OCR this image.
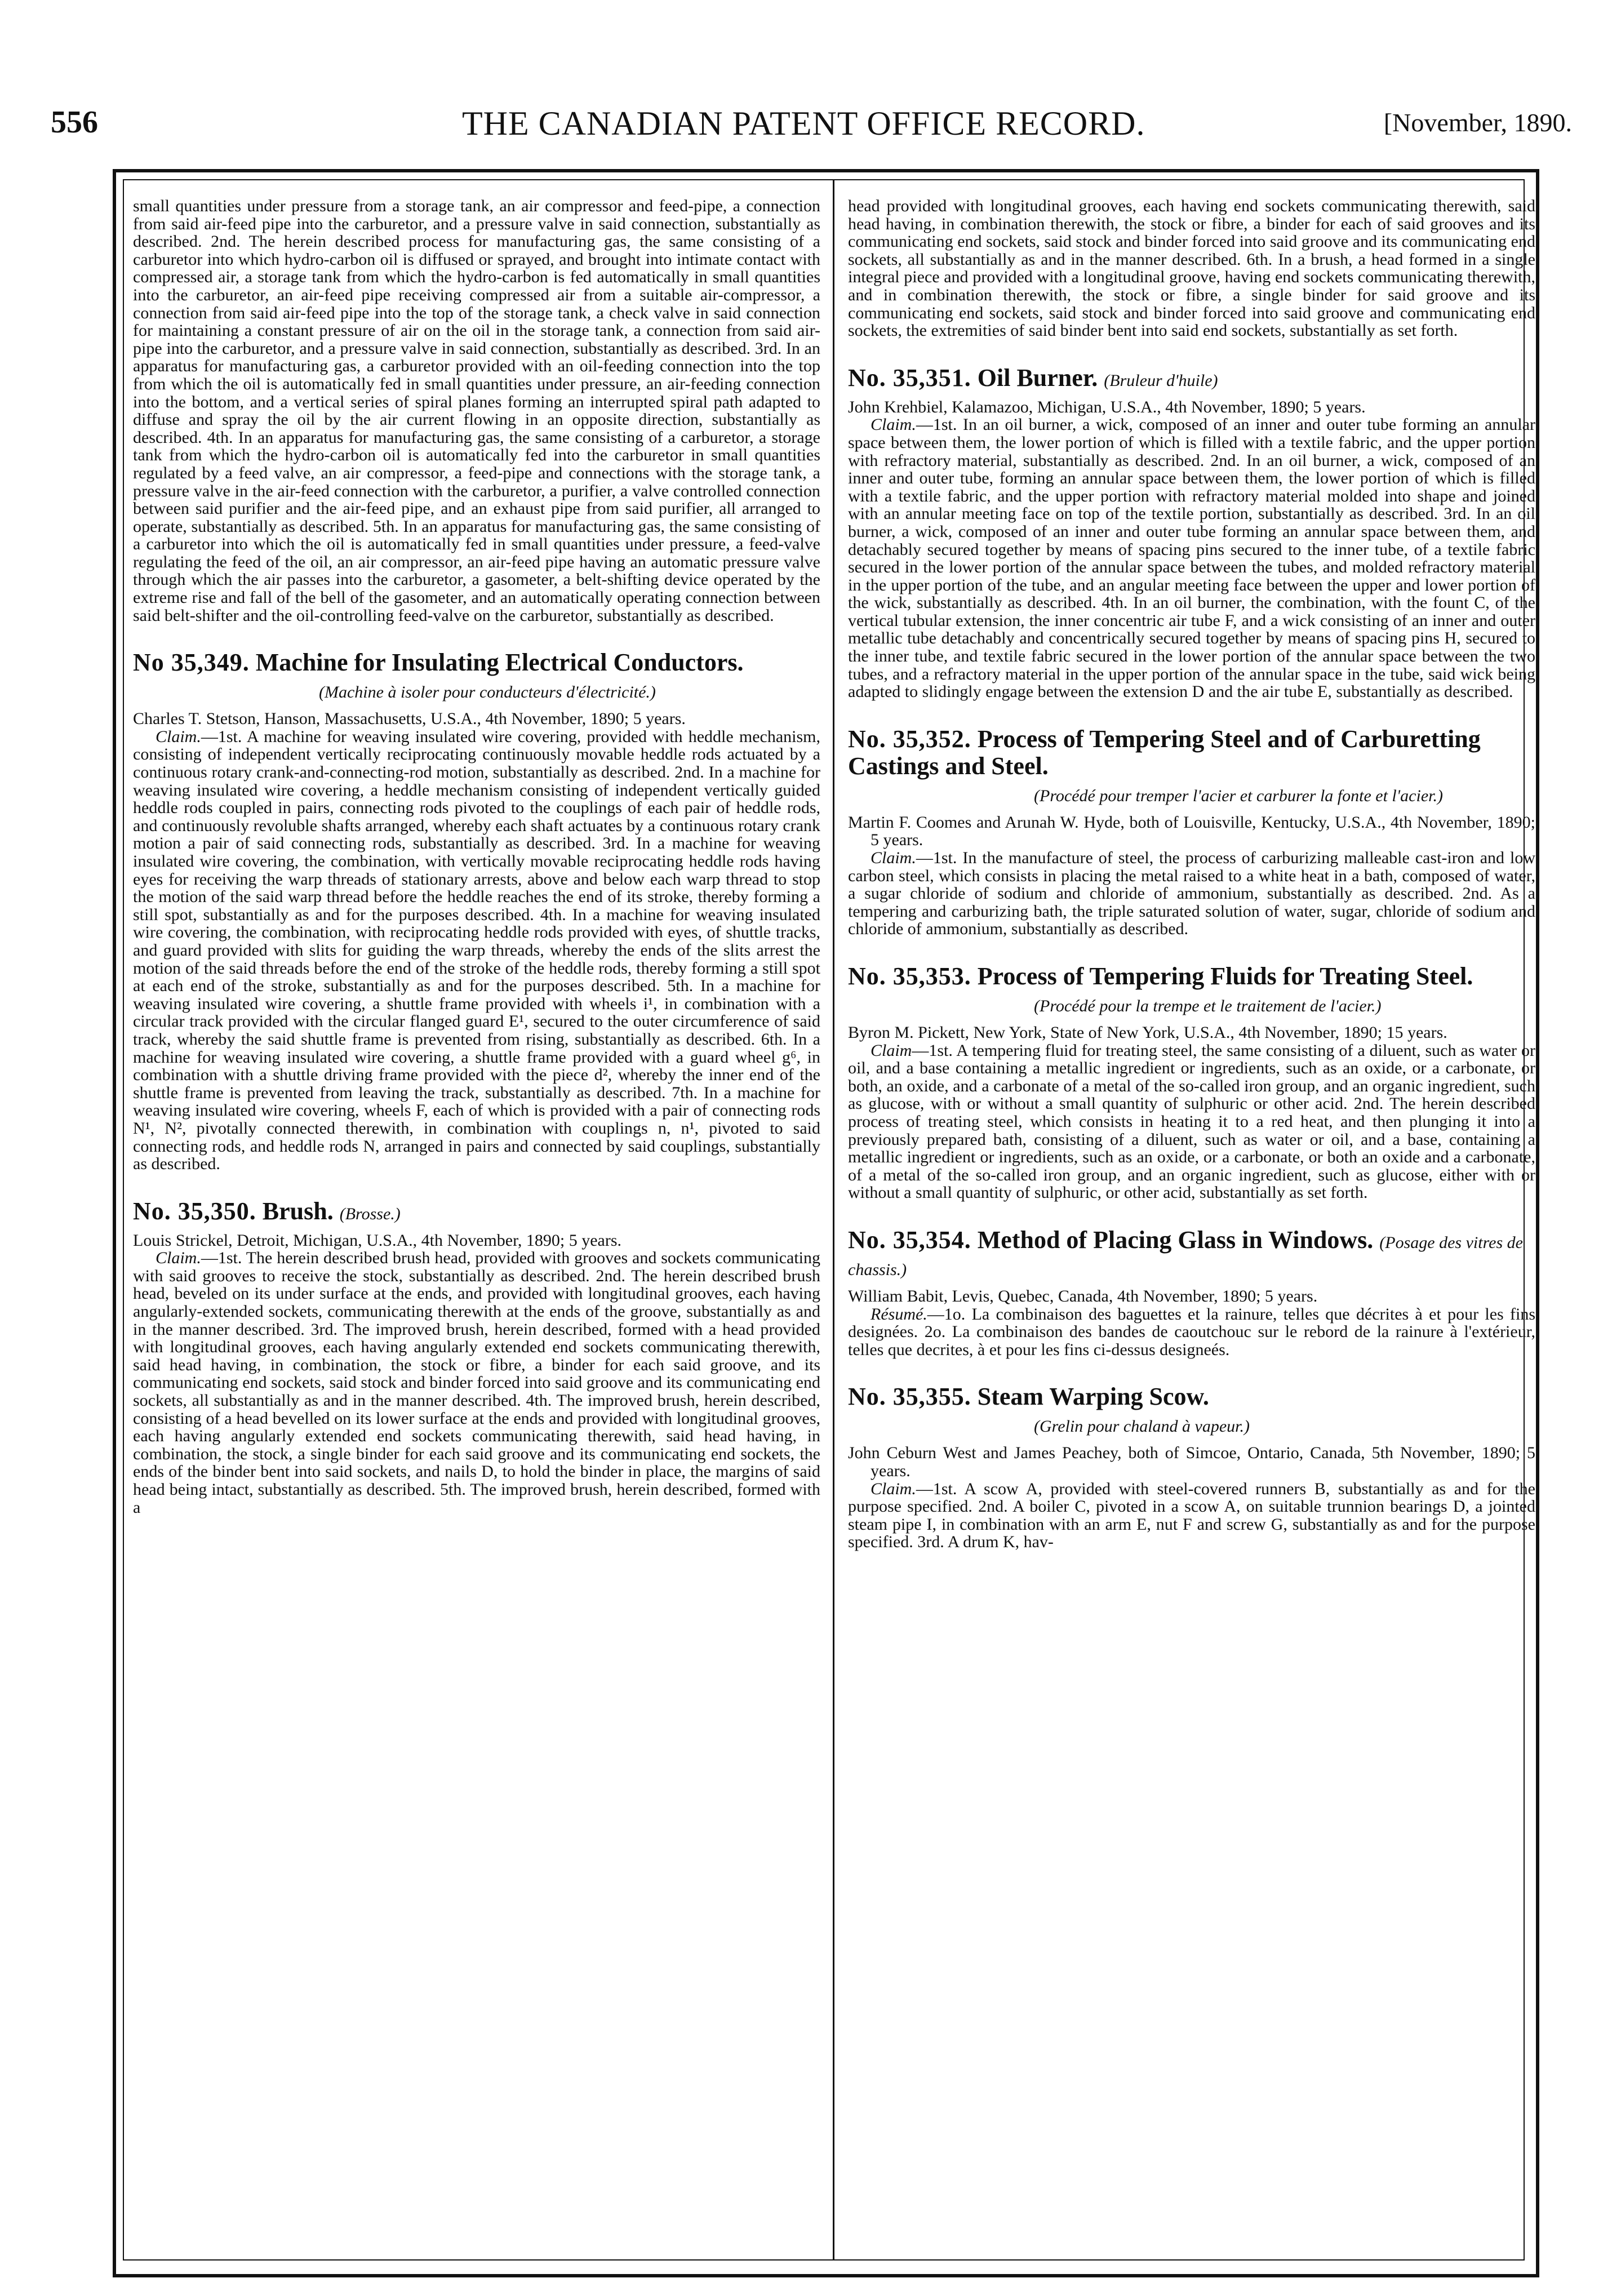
556	THE CANADIAN PATENT OFFICE RECORD.	[November, 1890.

small quantities under pressure from a storage tank, an air compressor and feed-pipe, a connection from said air-feed pipe into the carburetor, and a pressure valve in said connection, substantially as described. 2nd. The herein described process for manufacturing gas, the same consisting of a carburetor into which hydro-carbon oil is diffused or sprayed, and brought into intimate contact with compressed air, a storage tank from which the hydro-carbon is fed automatically in small quantities into the carburetor, an air-feed pipe receiving compressed air from a suitable air-compressor, a connection from said air-feed pipe into the top of the storage tank, a check valve in said connection for maintaining a constant pressure of air on the oil in the storage tank, a connection from said air-pipe into the carburetor, and a pressure valve in said connection, substantially as described. 3rd. In an apparatus for manufacturing gas, a carburetor provided with an oil-feeding connection into the top from which the oil is automatically fed in small quantities under pressure, an air-feeding connection into the bottom, and a vertical series of spiral planes forming an interrupted spiral path adapted to diffuse and spray the oil by the air current flowing in an opposite direction, substantially as described. 4th. In an apparatus for manufacturing gas, the same consisting of a carburetor, a storage tank from which the hydro-carbon oil is automatically fed into the carburetor in small quantities regulated by a feed valve, an air compressor, a feed-pipe and connections with the storage tank, a pressure valve in the air-feed connection with the carburetor, a purifier, a valve controlled connection between said purifier and the air-feed pipe, and an exhaust pipe from said purifier, all arranged to operate, substantially as described. 5th. In an apparatus for manufacturing gas, the same consisting of a carburetor into which the oil is automatically fed in small quantities under pressure, a feed-valve regulating the feed of the oil, an air compressor, an air-feed pipe having an automatic pressure valve through which the air passes into the carburetor, a gasometer, a belt-shifting device operated by the extreme rise and fall of the bell of the gasometer, and an automatically operating connection between said belt-shifter and the oil-controlling feed-valve on the carburetor, substantially as described.

No 35,349. Machine for Insulating Electrical Conductors.
(Machine à isoler pour conducteurs d'électricité.)

Charles T. Stetson, Hanson, Massachusetts, U.S.A., 4th November, 1890; 5 years.

Claim.—1st. A machine for weaving insulated wire covering, provided with heddle mechanism, consisting of independent vertically reciprocating continuously movable heddle rods actuated by a continuous rotary crank-and-connecting-rod motion, substantially as described. 2nd. In a machine for weaving insulated wire covering, a heddle mechanism consisting of independent vertically guided heddle rods coupled in pairs, connecting rods pivoted to the couplings of each pair of heddle rods, and continuously revoluble shafts arranged, whereby each shaft actuates by a continuous rotary crank motion a pair of said connecting rods, substantially as described. 3rd. In a machine for weaving insulated wire covering, the combination, with vertically movable reciprocating heddle rods having eyes for receiving the warp threads of stationary arrests, above and below each warp thread to stop the motion of the said warp thread before the heddle reaches the end of its stroke, thereby forming a still spot, substantially as and for the purposes described. 4th. In a machine for weaving insulated wire covering, the combination, with reciprocating heddle rods provided with eyes, of shuttle tracks, and guard provided with slits for guiding the warp threads, whereby the ends of the slits arrest the motion of the said threads before the end of the stroke of the heddle rods, thereby forming a still spot at each end of the stroke, substantially as and for the purposes described. 5th. In a machine for weaving insulated wire covering, a shuttle frame provided with wheels i¹, in combination with a circular track provided with the circular flanged guard E¹, secured to the outer circumference of said track, whereby the said shuttle frame is prevented from rising, substantially as described. 6th. In a machine for weaving insulated wire covering, a shuttle frame provided with a guard wheel g⁶, in combination with a shuttle driving frame provided with the piece d², whereby the inner end of the shuttle frame is prevented from leaving the track, substantially as described. 7th. In a machine for weaving insulated wire covering, wheels F, each of which is provided with a pair of connecting rods N¹, N², pivotally connected therewith, in combination with couplings n, n¹, pivoted to said connecting rods, and heddle rods N, arranged in pairs and connected by said couplings, substantially as described.

No. 35,350. Brush. (Brosse.)

Louis Strickel, Detroit, Michigan, U.S.A., 4th November, 1890; 5 years.

Claim.—1st. The herein described brush head, provided with grooves and sockets communicating with said grooves to receive the stock, substantially as described. 2nd. The herein described brush head, beveled on its under surface at the ends, and provided with longitudinal grooves, each having angularly-extended sockets, communicating therewith at the ends of the groove, substantially as and in the manner described. 3rd. The improved brush, herein described, formed with a head provided with longitudinal grooves, each having angularly extended end sockets communicating therewith, said head having, in combination, the stock or fibre, a binder for each said groove, and its communicating end sockets, said stock and binder forced into said groove and its communicating end sockets, all substantially as and in the manner described. 4th. The improved brush, herein described, consisting of a head bevelled on its lower surface at the ends and provided with longitudinal grooves, each having angularly extended end sockets communicating therewith, said head having, in combination, the stock, a single binder for each said groove and its communicating end sockets, the ends of the binder bent into said sockets, and nails D, to hold the binder in place, the margins of said head being intact, substantially as described. 5th. The improved brush, herein described, formed with a

head provided with longitudinal grooves, each having end sockets communicating therewith, said head having, in combination therewith, the stock or fibre, a binder for each of said grooves and its communicating end sockets, said stock and binder forced into said groove and its communicating end sockets, all substantially as and in the manner described. 6th. In a brush, a head formed in a single integral piece and provided with a longitudinal groove, having end sockets communicating therewith, and in combination therewith, the stock or fibre, a single binder for said groove and its communicating end sockets, said stock and binder forced into said groove and communicating end sockets, the extremities of said binder bent into said end sockets, substantially as set forth.

No. 35,351. Oil Burner. (Bruleur d'huile)

John Krehbiel, Kalamazoo, Michigan, U.S.A., 4th November, 1890; 5 years.

Claim.—1st. In an oil burner, a wick, composed of an inner and outer tube forming an annular space between them, the lower portion of which is filled with a textile fabric, and the upper portion with refractory material, substantially as described. 2nd. In an oil burner, a wick, composed of an inner and outer tube, forming an annular space between them, the lower portion of which is filled with a textile fabric, and the upper portion with refractory material molded into shape and joined with an annular meeting face on top of the textile portion, substantially as described. 3rd. In an oil burner, a wick, composed of an inner and outer tube forming an annular space between them, and detachably secured together by means of spacing pins secured to the inner tube, of a textile fabric secured in the lower portion of the annular space between the tubes, and molded refractory material in the upper portion of the tube, and an angular meeting face between the upper and lower portion of the wick, substantially as described. 4th. In an oil burner, the combination, with the fount C, of the vertical tubular extension, the inner concentric air tube F, and a wick consisting of an inner and outer metallic tube detachably and concentrically secured together by means of spacing pins H, secured to the inner tube, and textile fabric secured in the lower portion of the annular space between the two tubes, and a refractory material in the upper portion of the annular space in the tube, said wick being adapted to slidingly engage between the extension D and the air tube E, substantially as described.

No. 35,352. Process of Tempering Steel and of Carburetting Castings and Steel.
(Procédé pour tremper l'acier et carburer la fonte et l'acier.)

Martin F. Coomes and Arunah W. Hyde, both of Louisville, Kentucky, U.S.A., 4th November, 1890; 5 years.

Claim.—1st. In the manufacture of steel, the process of carburizing malleable cast-iron and low carbon steel, which consists in placing the metal raised to a white heat in a bath, composed of water, a sugar chloride of sodium and chloride of ammonium, substantially as described. 2nd. As a tempering and carburizing bath, the triple saturated solution of water, sugar, chloride of sodium and chloride of ammonium, substantially as described.

No. 35,353. Process of Tempering Fluids for Treating Steel.
(Procédé pour la trempe et le traitement de l'acier.)

Byron M. Pickett, New York, State of New York, U.S.A., 4th November, 1890; 15 years.

Claim—1st. A tempering fluid for treating steel, the same consisting of a diluent, such as water or oil, and a base containing a metallic ingredient or ingredients, such as an oxide, or a carbonate, or both, an oxide, and a carbonate of a metal of the so-called iron group, and an organic ingredient, such as glucose, with or without a small quantity of sulphuric or other acid. 2nd. The herein described process of treating steel, which consists in heating it to a red heat, and then plunging it into a previously prepared bath, consisting of a diluent, such as water or oil, and a base, containing a metallic ingredient or ingredients, such as an oxide, or a carbonate, or both an oxide and a carbonate, of a metal of the so-called iron group, and an organic ingredient, such as glucose, either with or without a small quantity of sulphuric, or other acid, substantially as set forth.

No. 35,354. Method of Placing Glass in Windows. (Posage des vitres de chassis.)

William Babit, Levis, Quebec, Canada, 4th November, 1890; 5 years.

Résumé.—1o. La combinaison des baguettes et la rainure, telles que décrites à et pour les fins designées. 2o. La combinaison des bandes de caoutchouc sur le rebord de la rainure à l'extérieur, telles que decrites, à et pour les fins ci-dessus designeés.

No. 35,355. Steam Warping Scow.
(Grelin pour chaland à vapeur.)

John Ceburn West and James Peachey, both of Simcoe, Ontario, Canada, 5th November, 1890; 5 years.

Claim.—1st. A scow A, provided with steel-covered runners B, substantially as and for the purpose specified. 2nd. A boiler C, pivoted in a scow A, on suitable trunnion bearings D, a jointed steam pipe I, in combination with an arm E, nut F and screw G, substantially as and for the purpose specified. 3rd. A drum K, hav-
